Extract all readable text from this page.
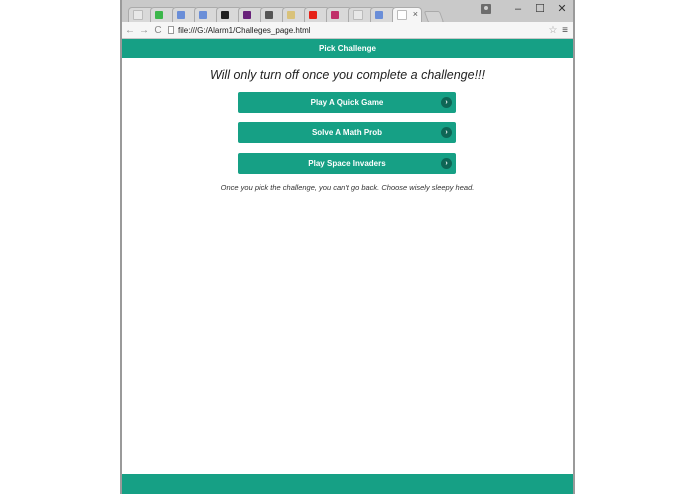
×	–	☐	✕
← → C file:///G:/Alarm1/Challeges_page.html	☆ ≡
Pick Challenge
Will only turn off once you complete a challenge!!!
Play A Quick Game	›
Solve A Math Prob	›
Play Space Invaders	›
Once you pick the challenge, you can't go back. Choose wisely sleepy head.
